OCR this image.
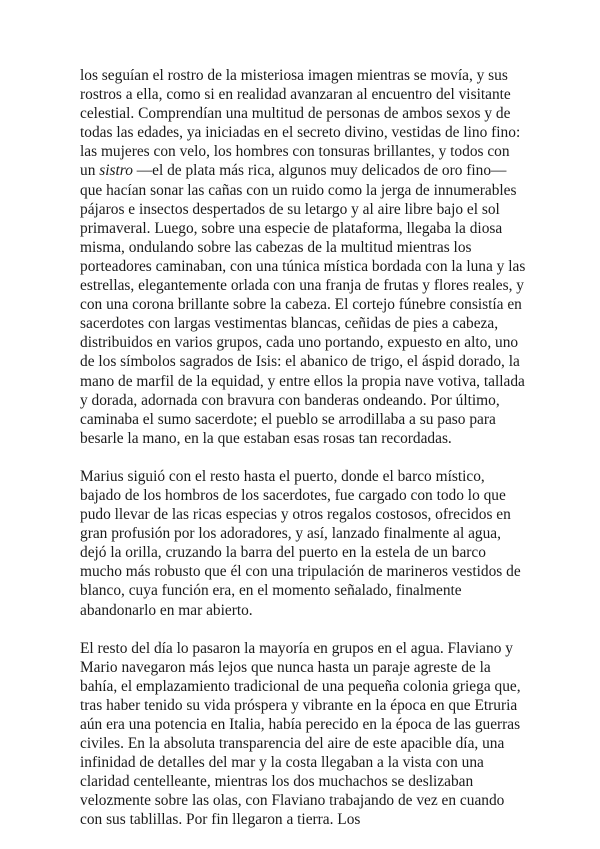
los seguían el rostro de la misteriosa imagen mientras se movía, y sus rostros a ella, como si en realidad avanzaran al encuentro del visitante celestial. Comprendían una multitud de personas de ambos sexos y de todas las edades, ya iniciadas en el secreto divino, vestidas de lino fino: las mujeres con velo, los hombres con tonsuras brillantes, y todos con un sistro —el de plata más rica, algunos muy delicados de oro fino— que hacían sonar las cañas con un ruido como la jerga de innumerables pájaros e insectos despertados de su letargo y al aire libre bajo el sol primaveral. Luego, sobre una especie de plataforma, llegaba la diosa misma, ondulando sobre las cabezas de la multitud mientras los porteadores caminaban, con una túnica mística bordada con la luna y las estrellas, elegantemente orlada con una franja de frutas y flores reales, y con una corona brillante sobre la cabeza. El cortejo fúnebre consistía en sacerdotes con largas vestimentas blancas, ceñidas de pies a cabeza, distribuidos en varios grupos, cada uno portando, expuesto en alto, uno de los símbolos sagrados de Isis: el abanico de trigo, el áspid dorado, la mano de marfil de la equidad, y entre ellos la propia nave votiva, tallada y dorada, adornada con bravura con banderas ondeando. Por último, caminaba el sumo sacerdote; el pueblo se arrodillaba a su paso para besarle la mano, en la que estaban esas rosas tan recordadas.

Marius siguió con el resto hasta el puerto, donde el barco místico, bajado de los hombros de los sacerdotes, fue cargado con todo lo que pudo llevar de las ricas especias y otros regalos costosos, ofrecidos en gran profusión por los adoradores, y así, lanzado finalmente al agua, dejó la orilla, cruzando la barra del puerto en la estela de un barco mucho más robusto que él con una tripulación de marineros vestidos de blanco, cuya función era, en el momento señalado, finalmente abandonarlo en mar abierto.

El resto del día lo pasaron la mayoría en grupos en el agua. Flaviano y Mario navegaron más lejos que nunca hasta un paraje agreste de la bahía, el emplazamiento tradicional de una pequeña colonia griega que, tras haber tenido su vida próspera y vibrante en la época en que Etruria aún era una potencia en Italia, había perecido en la época de las guerras civiles. En la absoluta transparencia del aire de este apacible día, una infinidad de detalles del mar y la costa llegaban a la vista con una claridad centelleante, mientras los dos muchachos se deslizaban velozmente sobre las olas, con Flaviano trabajando de vez en cuando con sus tablillas. Por fin llegaron a tierra. Los
